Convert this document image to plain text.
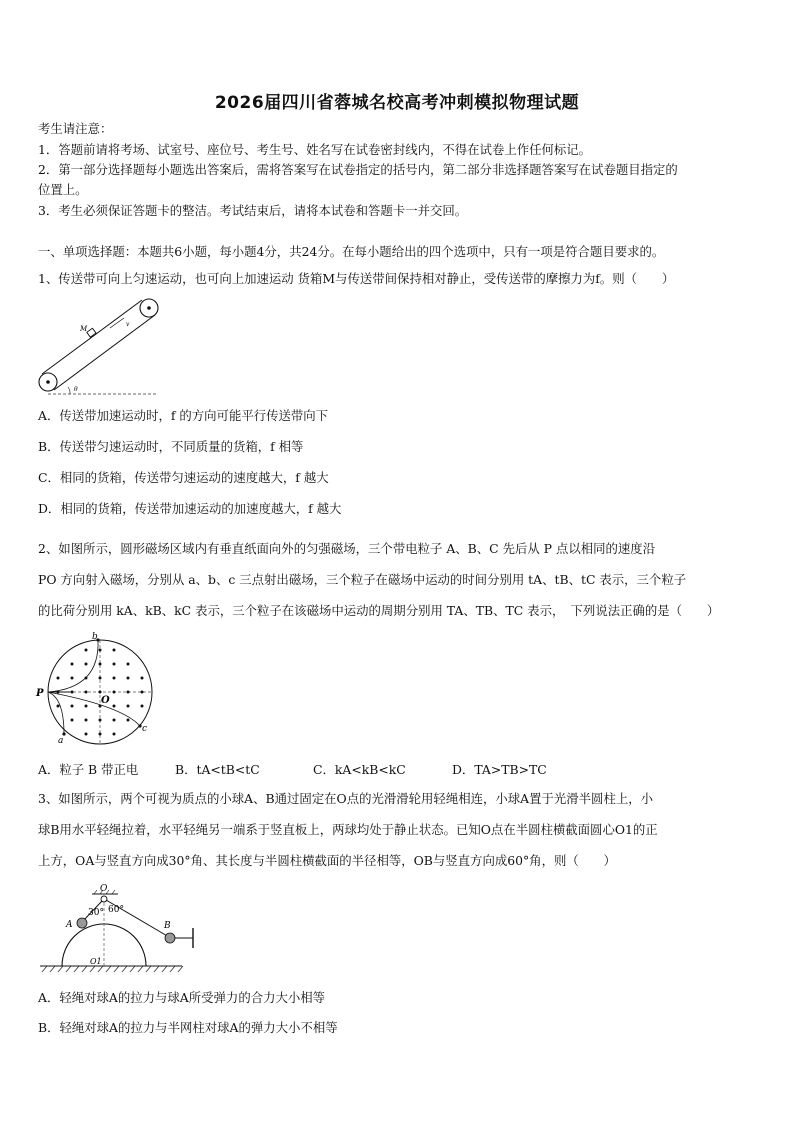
2026届四川省蓉城名校高考冲刺模拟物理试题
考生请注意：
1．答题前请将考场、试室号、座位号、考生号、姓名写在试卷密封线内，不得在试卷上作任何标记。
2．第一部分选择题每小题选出答案后，需将答案写在试卷指定的括号内，第二部分非选择题答案写在试卷题目指定的
位置上。
3．考生必须保证答题卡的整洁。考试结束后，请将本试卷和答题卡一并交回。
一、单项选择题：本题共6小题，每小题4分，共24分。在每小题给出的四个选项中，只有一项是符合题目要求的。
1、传送带可向上匀速运动，也可向上加速运动 货箱M与传送带间保持相对静止，受传送带的摩擦力为f。则（　　）
M
v
θ
A．传送带加速运动时，f 的方向可能平行传送带向下
B．传送带匀速运动时，不同质量的货箱，f 相等
C．相同的货箱，传送带匀速运动的速度越大，f 越大
D．相同的货箱，传送带加速运动的加速度越大，f 越大
2、如图所示，圆形磁场区域内有垂直纸面向外的匀强磁场，三个带电粒子 A、B、C 先后从 P 点以相同的速度沿
PO 方向射入磁场，分别从 a、b、c 三点射出磁场，三个粒子在磁场中运动的时间分别用 tA、tB、tC 表示，三个粒子
的比荷分别用 kA、kB、kC 表示，三个粒子在该磁场中运动的周期分别用 TA、TB、TC 表示，　下列说法正确的是（　　）
P
O
b
a
c
A．粒子 B 带正电	B．tA<tB<tC	C．kA<kB<kC	D．TA>TB>TC
3、如图所示，两个可视为质点的小球A、B通过固定在O点的光滑滑轮用轻绳相连，小球A置于光滑半圆柱上，小
球B用水平轻绳拉着，水平轻绳另一端系于竖直板上，两球均处于静止状态。已知O点在半圆柱横截面圆心O1的正
上方，OA与竖直方向成30°角、其长度与半圆柱横截面的半径相等，OB与竖直方向成60°角，则（　　）
O
A	B
O1
30° 60°
A．轻绳对球A的拉力与球A所受弹力的合力大小相等
B．轻绳对球A的拉力与半网柱对球A的弹力大小不相等
